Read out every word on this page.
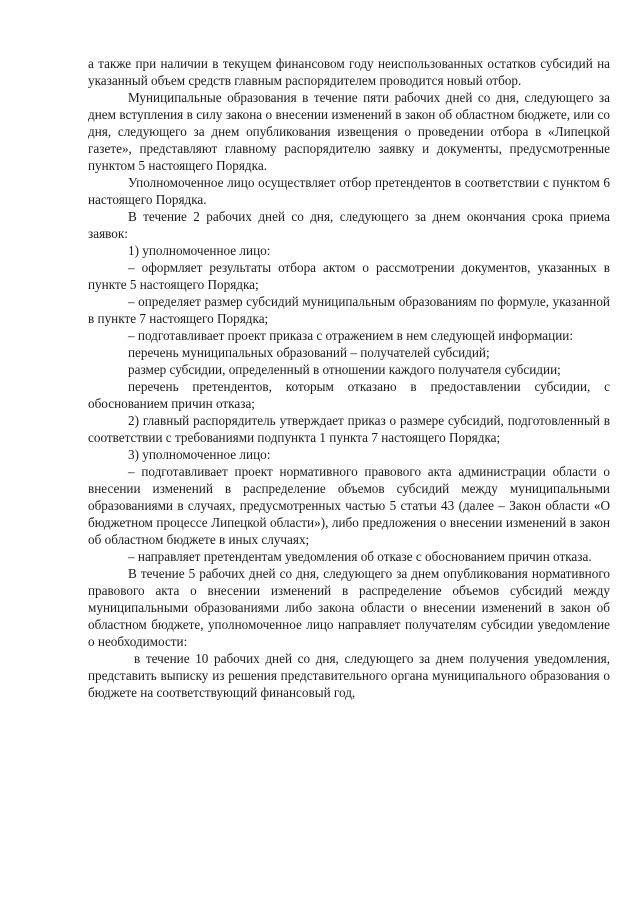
а также при наличии в текущем финансовом году неиспользованных остатков субсидий на указанный объем средств главным распорядителем проводится новый отбор.

Муниципальные образования в течение пяти рабочих дней со дня, следующего за днем вступления в силу закона о внесении изменений в закон об областном бюджете, или со дня, следующего за днем опубликования извещения о проведении отбора в «Липецкой газете», представляют главному распорядителю заявку и документы, предусмотренные пунктом 5 настоящего Порядка.

Уполномоченное лицо осуществляет отбор претендентов в соответствии с пунктом 6 настоящего Порядка.

В течение 2 рабочих дней со дня, следующего за днем окончания срока приема заявок:

1) уполномоченное лицо:

– оформляет результаты отбора актом о рассмотрении документов, указанных в пункте 5 настоящего Порядка;

– определяет размер субсидий муниципальным образованиям по формуле, указанной в пункте 7 настоящего Порядка;

– подготавливает проект приказа с отражением в нем следующей информации:

перечень муниципальных образований – получателей субсидий;

размер субсидии, определенный в отношении каждого получателя субсидии;

перечень претендентов, которым отказано в предоставлении субсидии, с обоснованием причин отказа;

2) главный распорядитель утверждает приказ о размере субсидий, подготовленный в соответствии с требованиями подпункта 1 пункта 7 настоящего Порядка;

3) уполномоченное лицо:

– подготавливает проект нормативного правового акта администрации области о внесении изменений в распределение объемов субсидий между муниципальными образованиями в случаях, предусмотренных частью 5 статьи 43 (далее – Закон области «О бюджетном процессе Липецкой области»), либо предложения о внесении изменений в закон об областном бюджете в иных случаях;

– направляет претендентам уведомления об отказе с обоснованием причин отказа.

В течение 5 рабочих дней со дня, следующего за днем опубликования нормативного правового акта о внесении изменений в распределение объемов субсидий между муниципальными образованиями либо закона области о внесении изменений в закон об областном бюджете, уполномоченное лицо направляет получателям субсидии уведомление о необходимости:

в течение 10 рабочих дней со дня, следующего за днем получения уведомления, представить выписку из решения представительного органа муниципального образования о бюджете на соответствующий финансовый год,
